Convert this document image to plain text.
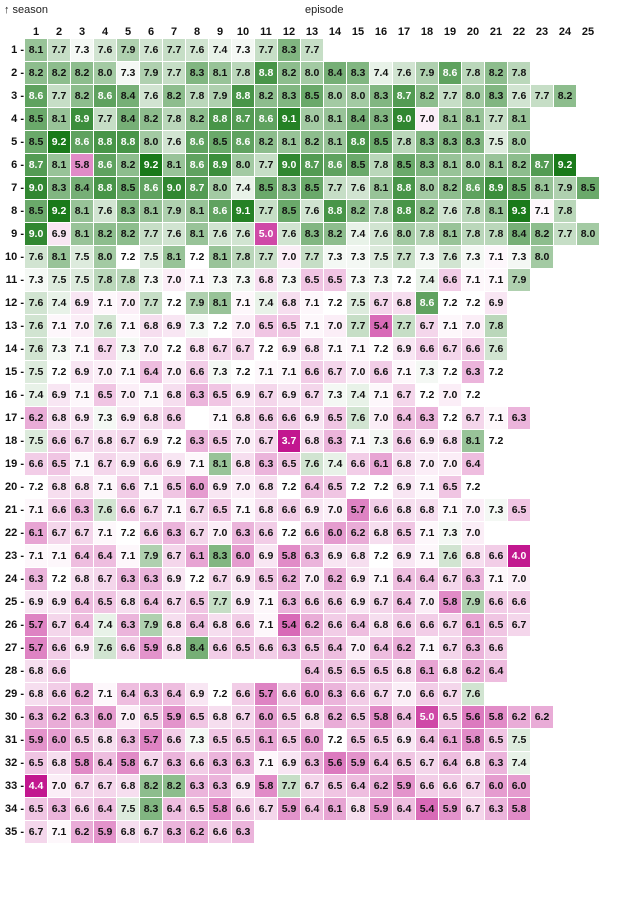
↑ season	episode
	1	2	3	4	5	6	7	8	9	10	11	12	13	14	15	16	17	18	19	20	21	22	23	24	25
1 -	8.1	7.7	7.3	7.6	7.9	7.6	7.7	7.6	7.4	7.3	7.7	8.3	7.7												
2 -	8.2	8.2	8.2	8.0	7.3	7.9	7.7	8.3	8.1	7.8	8.8	8.2	8.0	8.4	8.3	7.4	7.6	7.9	8.6	7.8	8.2	7.8			
3 -	8.6	7.7	8.2	8.6	8.4	7.6	8.2	7.8	7.9	8.8	8.2	8.3	8.5	8.0	8.0	8.3	8.7	8.2	7.7	8.0	8.3	7.6	7.7	8.2	
4 -	8.5	8.1	8.9	7.7	8.4	8.2	7.8	8.2	8.8	8.7	8.6	9.1	8.0	8.1	8.4	8.3	9.0	7.0	8.1	8.1	7.7	8.1			
5 -	8.5	9.2	8.6	8.8	8.8	8.0	7.6	8.6	8.5	8.6	8.2	8.1	8.2	8.1	8.8	8.5	7.8	8.3	8.3	8.3	7.5	8.0			
6 -	8.7	8.1	5.8	8.6	8.2	9.2	8.1	8.6	8.9	8.0	7.7	9.0	8.7	8.6	8.5	7.8	8.5	8.3	8.1	8.0	8.1	8.2	8.7	9.2	
7 -	9.0	8.3	8.4	8.8	8.5	8.6	9.0	8.7	8.0	7.4	8.5	8.3	8.5	7.7	7.6	8.1	8.8	8.0	8.2	8.6	8.9	8.5	8.1	7.9	8.5
8 -	8.5	9.2	8.1	7.6	8.3	8.1	7.9	8.1	8.6	9.1	7.7	8.5	7.6	8.8	8.2	7.8	8.8	8.2	7.6	7.8	8.1	9.3	7.1	7.8	
9 -	9.0	6.9	8.1	8.2	8.2	7.7	7.6	8.1	7.6	7.6	5.0	7.6	8.3	8.2	7.4	7.6	8.0	7.8	8.1	7.8	7.8	8.4	8.2	7.7	8.0
10 -	7.6	8.1	7.5	8.0	7.2	7.5	8.1	7.2	8.1	7.8	7.7	7.0	7.7	7.3	7.3	7.5	7.7	7.3	7.6	7.3	7.1	7.3	8.0		
11 -	7.3	7.5	7.5	7.8	7.8	7.3	7.0	7.1	7.3	7.3	6.8	7.3	6.5	6.5	7.3	7.3	7.2	7.4	6.6	7.1	7.1	7.9			
12 -	7.6	7.4	6.9	7.1	7.0	7.7	7.2	7.9	8.1	7.1	7.4	6.8	7.1	7.2	7.5	6.7	6.8	8.6	7.2	7.2	6.9				
13 -	7.6	7.1	7.0	7.6	7.1	6.8	6.9	7.3	7.2	7.0	6.5	6.5	7.1	7.0	7.7	5.4	7.7	6.7	7.1	7.0	7.8				
14 -	7.6	7.3	7.1	6.7	7.3	7.0	7.2	6.8	6.7	6.7	7.2	6.9	6.8	7.1	7.1	7.2	6.9	6.6	6.7	6.6	7.6				
15 -	7.5	7.2	6.9	7.0	7.1	6.4	7.0	6.6	7.3	7.2	7.1	7.1	6.6	6.7	7.0	6.6	7.1	7.3	7.2	6.3	7.2				
16 -	7.4	6.9	7.1	6.5	7.0	7.1	6.8	6.3	6.5	6.9	6.7	6.9	6.7	7.3	7.4	7.1	6.7	7.2	7.0	7.2					
17 -	6.2	6.8	6.9	7.3	6.9	6.8	6.6		7.1	6.8	6.6	6.6	6.9	6.5	7.6	7.0	6.4	6.3	7.2	6.7	7.1	6.3			
18 -	7.5	6.6	6.7	6.8	6.7	6.9	7.2	6.3	6.5	7.0	6.7	3.7	6.8	6.3	7.1	7.3	6.6	6.9	6.8	8.1	7.2				
19 -	6.6	6.5	7.1	6.7	6.9	6.6	6.9	7.1	8.1	6.8	6.3	6.5	7.6	7.4	6.6	6.1	6.8	7.0	7.0	6.4					
20 -	7.2	6.8	6.8	7.1	6.6	7.1	6.5	6.0	6.9	7.0	6.8	7.2	6.4	6.5	7.2	7.2	6.9	7.1	6.5	7.2					
21 -	7.1	6.6	6.3	7.6	6.6	6.7	7.1	6.7	6.5	7.1	6.8	6.6	6.9	7.0	5.7	6.6	6.8	6.8	7.1	7.0	7.3	6.5			
22 -	6.1	6.7	6.7	7.1	7.2	6.6	6.3	6.7	7.0	6.3	6.6	7.2	6.6	6.0	6.2	6.8	6.5	7.1	7.3	7.0					
23 -	7.1	7.1	6.4	6.4	7.1	7.9	6.7	6.1	8.3	6.0	6.9	5.8	6.3	6.9	6.8	7.2	6.9	7.1	7.6	6.8	6.6	4.0			
24 -	6.3	7.2	6.8	6.7	6.3	6.3	6.9	7.2	6.7	6.9	6.5	6.2	7.0	6.2	6.9	7.1	6.4	6.4	6.7	6.3	7.1	7.0			
25 -	6.9	6.9	6.4	6.5	6.8	6.4	6.7	6.5	7.7	6.9	7.1	6.3	6.6	6.6	6.9	6.7	6.4	7.0	5.8	7.9	6.6	6.6			
26 -	5.7	6.7	6.4	7.4	6.3	7.9	6.8	6.4	6.8	6.6	7.1	5.4	6.2	6.6	6.4	6.8	6.6	6.6	6.7	6.1	6.5	6.7			
27 -	5.7	6.6	6.9	7.6	6.6	5.9	6.8	8.4	6.6	6.5	6.6	6.3	6.5	6.4	7.0	6.4	6.2	7.1	6.7	6.3	6.6				
28 -	6.8	6.6											6.4	6.5	6.5	6.5	6.8	6.1	6.8	6.2	6.4				
29 -	6.8	6.6	6.2	7.1	6.4	6.3	6.4	6.9	7.2	6.6	5.7	6.6	6.0	6.3	6.6	6.7	7.0	6.6	6.7	7.6					
30 -	6.3	6.2	6.3	6.0	7.0	6.5	5.9	6.5	6.8	6.7	6.0	6.5	6.8	6.2	6.5	5.8	6.4	5.0	6.5	5.6	5.8	6.2	6.2		
31 -	5.9	6.0	6.5	6.8	6.3	5.7	6.6	7.3	6.5	6.5	6.1	6.5	6.0	7.2	6.5	6.5	6.9	6.4	6.1	5.8	6.5	7.5			
32 -	6.5	6.8	5.8	6.4	5.8	6.7	6.3	6.6	6.3	6.3	7.1	6.9	6.3	5.6	5.9	6.4	6.5	6.7	6.4	6.8	6.3	7.4			
33 -	4.4	7.0	6.7	6.7	6.8	8.2	8.2	6.3	6.3	6.9	5.8	7.7	6.7	6.5	6.4	6.2	5.9	6.6	6.6	6.7	6.0	6.0			
34 -	6.5	6.3	6.6	6.4	7.5	8.3	6.4	6.5	5.8	6.6	6.7	5.9	6.4	6.1	6.8	5.9	6.4	5.4	5.9	6.7	6.3	5.8			
35 -	6.7	7.1	6.2	5.9	6.8	6.7	6.3	6.2	6.6	6.3															
